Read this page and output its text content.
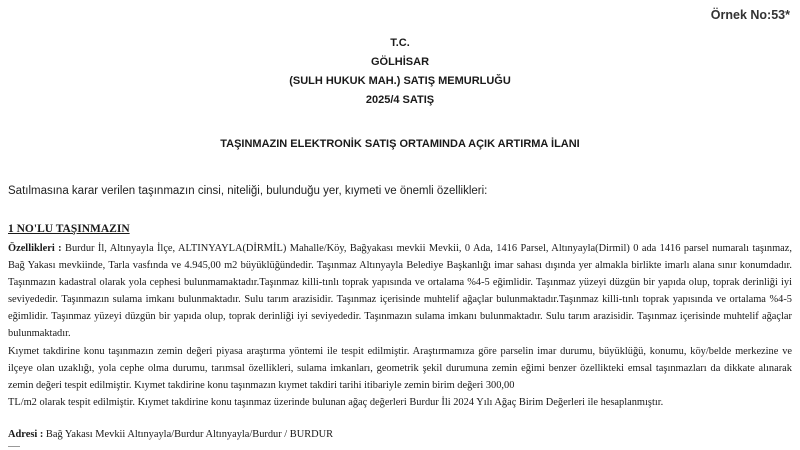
Örnek No:53*
T.C.
GÖLHİSAR
(SULH HUKUK MAH.) SATIŞ MEMURLUĞU
2025/4 SATIŞ
TAŞINMAZIN ELEKTRONİK SATIŞ ORTAMINDA AÇIK ARTIRMA İLANI
Satılmasına karar verilen taşınmazın cinsi, niteliği, bulunduğu yer, kıymeti ve önemli özellikleri:
1 NO'LU TAŞINMAZIN

Özellikleri : Burdur İl, Altınyayla İlçe, ALTINYAYLA(DİRMİL) Mahalle/Köy, Bağyakası mevkii Mevkii, 0 Ada, 1416 Parsel, Altınyayla(Dirmil) 0 ada 1416 parsel numaralı taşınmaz, Bağ Yakası mevkiinde, Tarla vasfında ve 4.945,00 m2 büyüklüğündedir. Taşınmaz Altınyayla Belediye Başkanlığı imar sahası dışında yer almakla birlikte imarlı alana sınır konumdadır. Taşınmazın kadastral olarak yola cephesi bulunmamaktadır.Taşınmaz killi-tınlı toprak yapısında ve ortalama %4-5 eğimlidir. Taşınmaz yüzeyi düzgün bir yapıda olup, toprak derinliği iyi seviyededir. Taşınmazın sulama imkanı bulunmaktadır. Sulu tarım arazisidir. Taşınmaz içerisinde muhtelif ağaçlar bulunmaktadır.Taşınmaz killi-tınlı toprak yapısında ve ortalama %4-5 eğimlidir. Taşınmaz yüzeyi düzgün bir yapıda olup, toprak derinliği iyi seviyededir. Taşınmazın sulama imkanı bulunmaktadır. Sulu tarım arazisidir. Taşınmaz içerisinde muhtelif ağaçlar bulunmaktadır.

Kıymet takdirine konu taşınmazın zemin değeri piyasa araştırma yöntemi ile tespit edilmiştir. Araştırmamıza göre parselin imar durumu, büyüklüğü, konumu, köy/belde merkezine ve ilçeye olan uzaklığı, yola cephe olma durumu, tarımsal özellikleri, sulama imkanları, geometrik şekil durumuna zemin eğimi benzer özellikteki emsal taşınmazları da dikkate alınarak zemin değeri tespit edilmiştir. Kıymet takdirine konu taşınmazın kıymet takdiri tarihi itibariyle zemin birim değeri 300,00

TL/m2 olarak tespit edilmiştir. Kıymet takdirine konu taşınmaz üzerinde bulunan ağaç değerleri Burdur İli 2024 Yılı Ağaç Birim Değerleri ile hesaplanmıştır.

Adresi : Bağ Yakası Mevkii Altınyayla/Burdur Altınyayla/Burdur / BURDUR
